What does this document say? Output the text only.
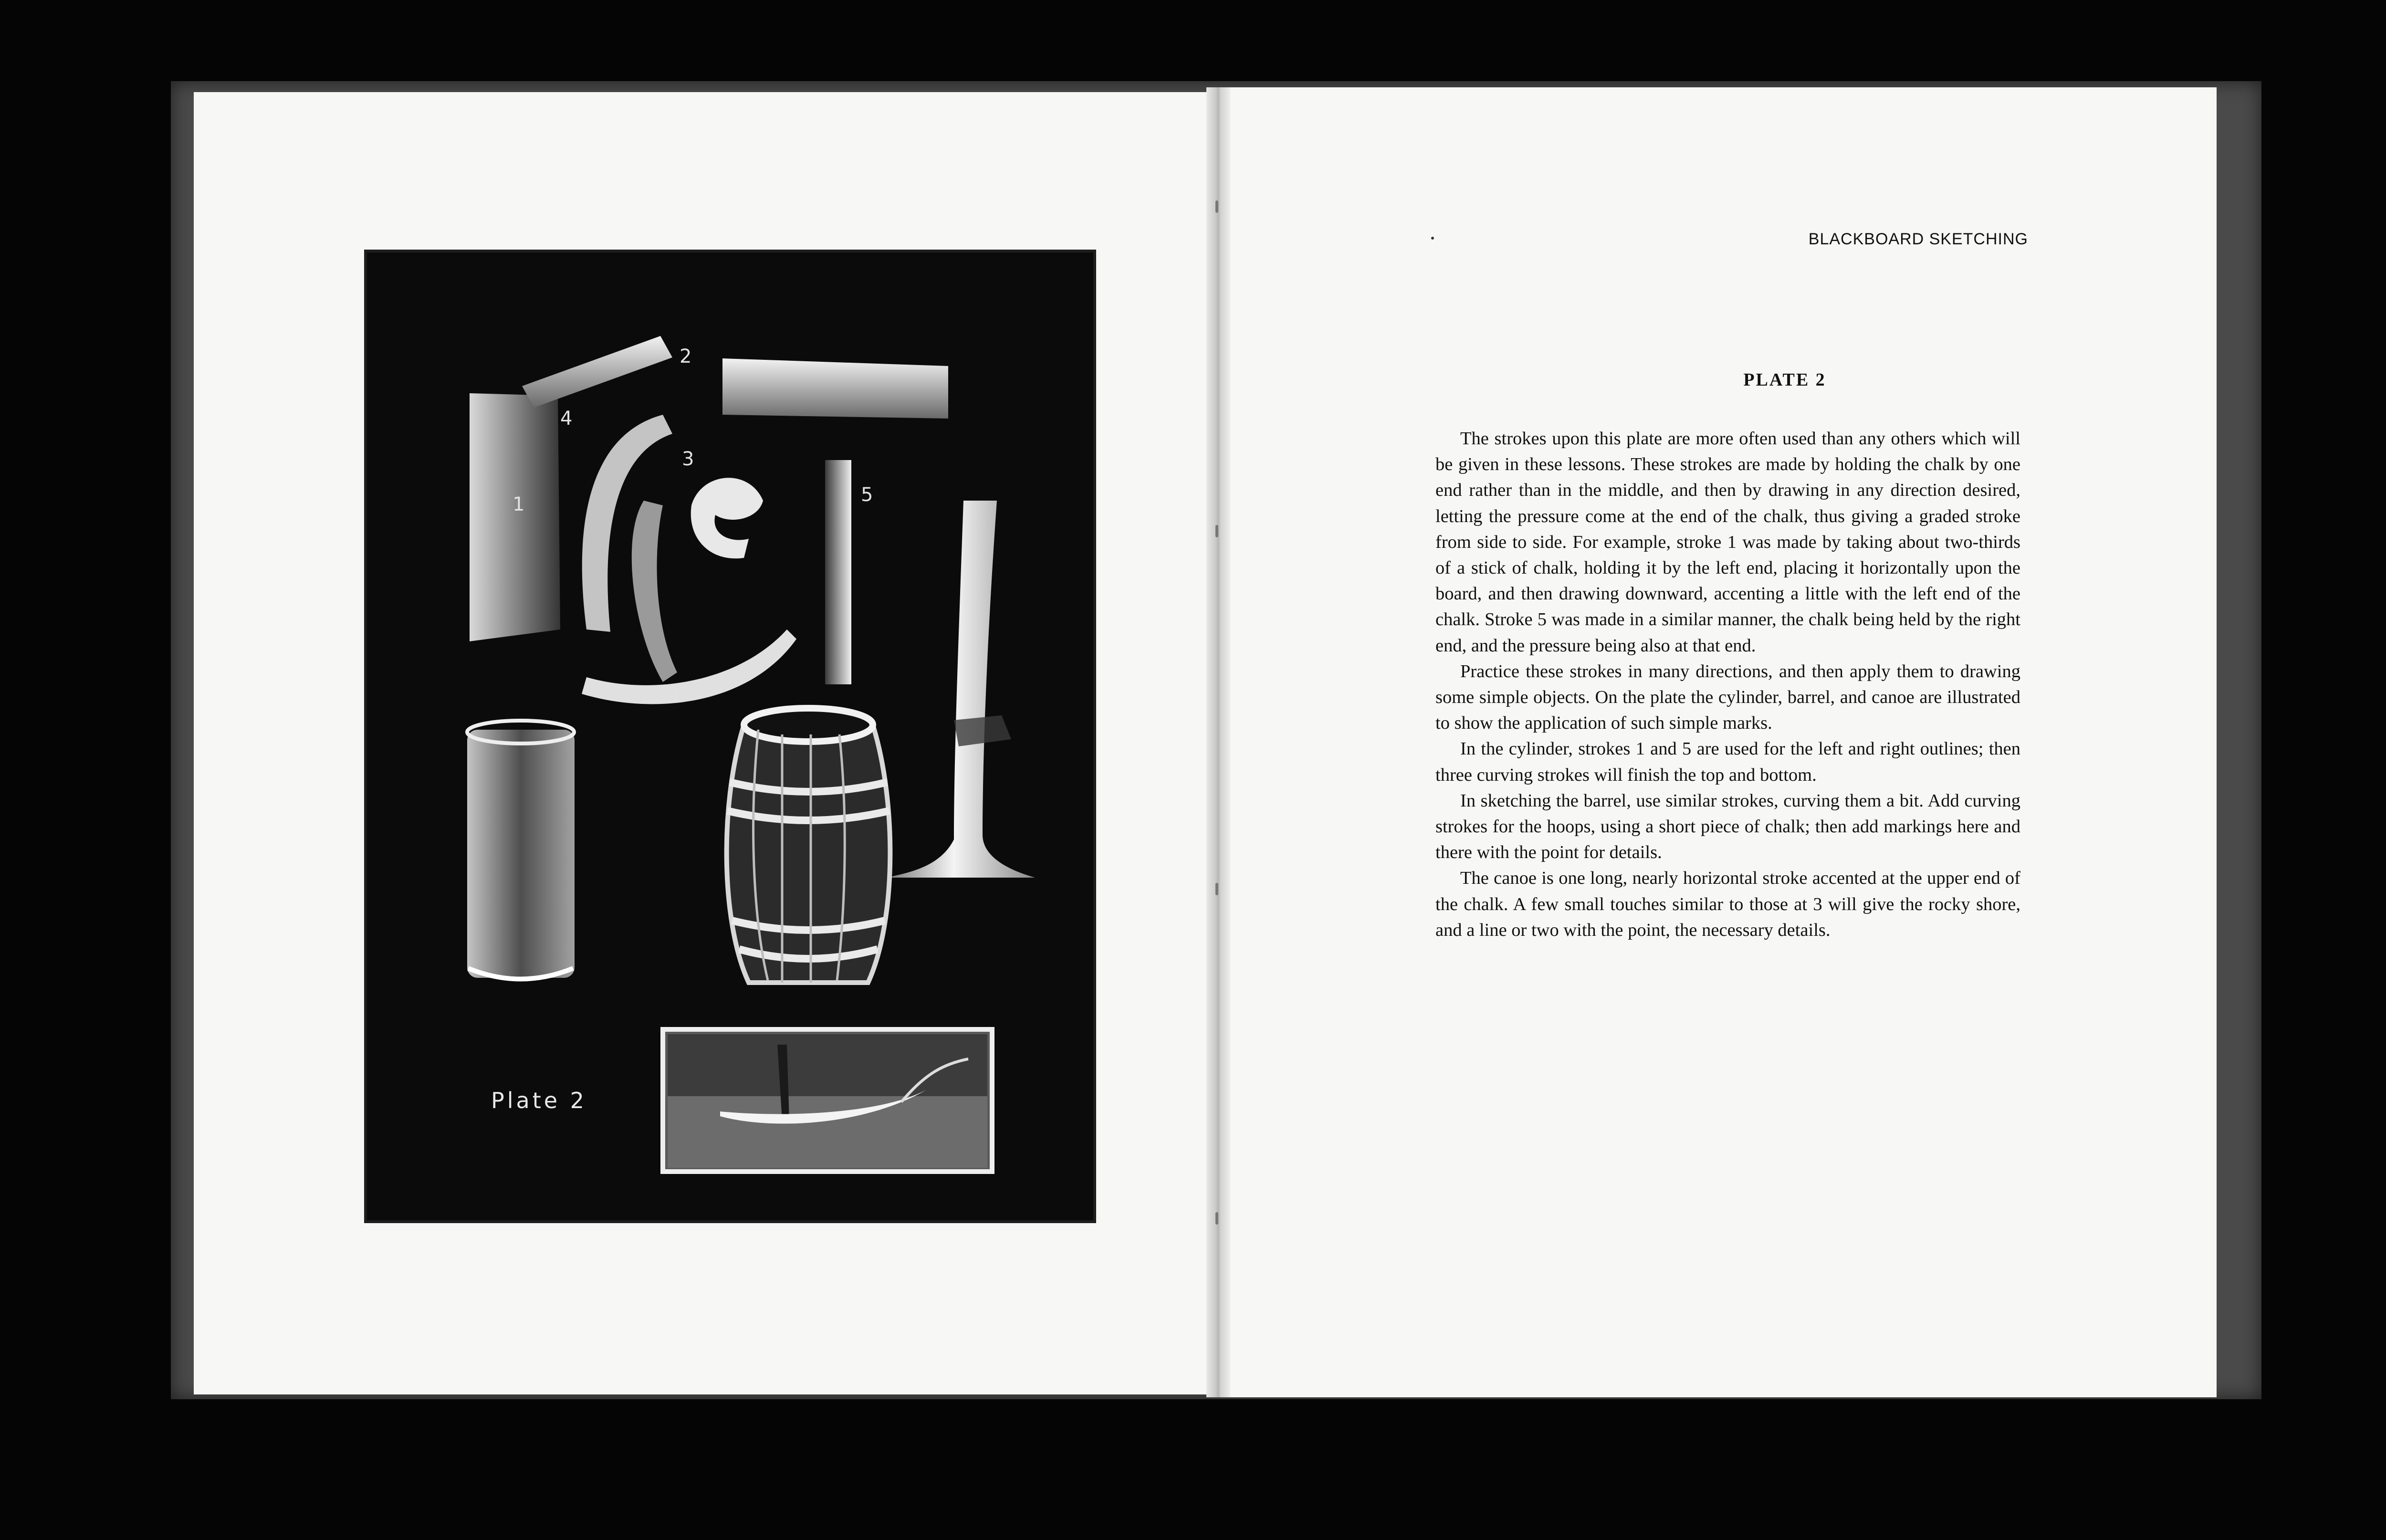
2
4
3
1	5
1
Plate 2
BLACKBOARD SKETCHING
PLATE 2

The strokes upon this plate are more often used than any others which will be given in these lessons. These strokes are made by holding the chalk by one end rather than in the middle, and then by drawing in any direction desired, letting the pressure come at the end of the chalk, thus giving a graded stroke from side to side. For example, stroke 1 was made by taking about two-thirds of a stick of chalk, holding it by the left end, placing it horizontally upon the board, and then drawing downward, accenting a little with the left end of the chalk. Stroke 5 was made in a similar manner, the chalk being held by the right end, and the pressure being also at that end.

Practice these strokes in many directions, and then apply them to drawing some simple objects. On the plate the cylinder, barrel, and canoe are illustrated to show the application of such simple marks.

In the cylinder, strokes 1 and 5 are used for the left and right outlines; then three curving strokes will finish the top and bottom.

In sketching the barrel, use similar strokes, curving them a bit. Add curving strokes for the hoops, using a short piece of chalk; then add markings here and there with the point for details.

The canoe is one long, nearly horizontal stroke accented at the upper end of the chalk. A few small touches similar to those at 3 will give the rocky shore, and a line or two with the point, the necessary details.
